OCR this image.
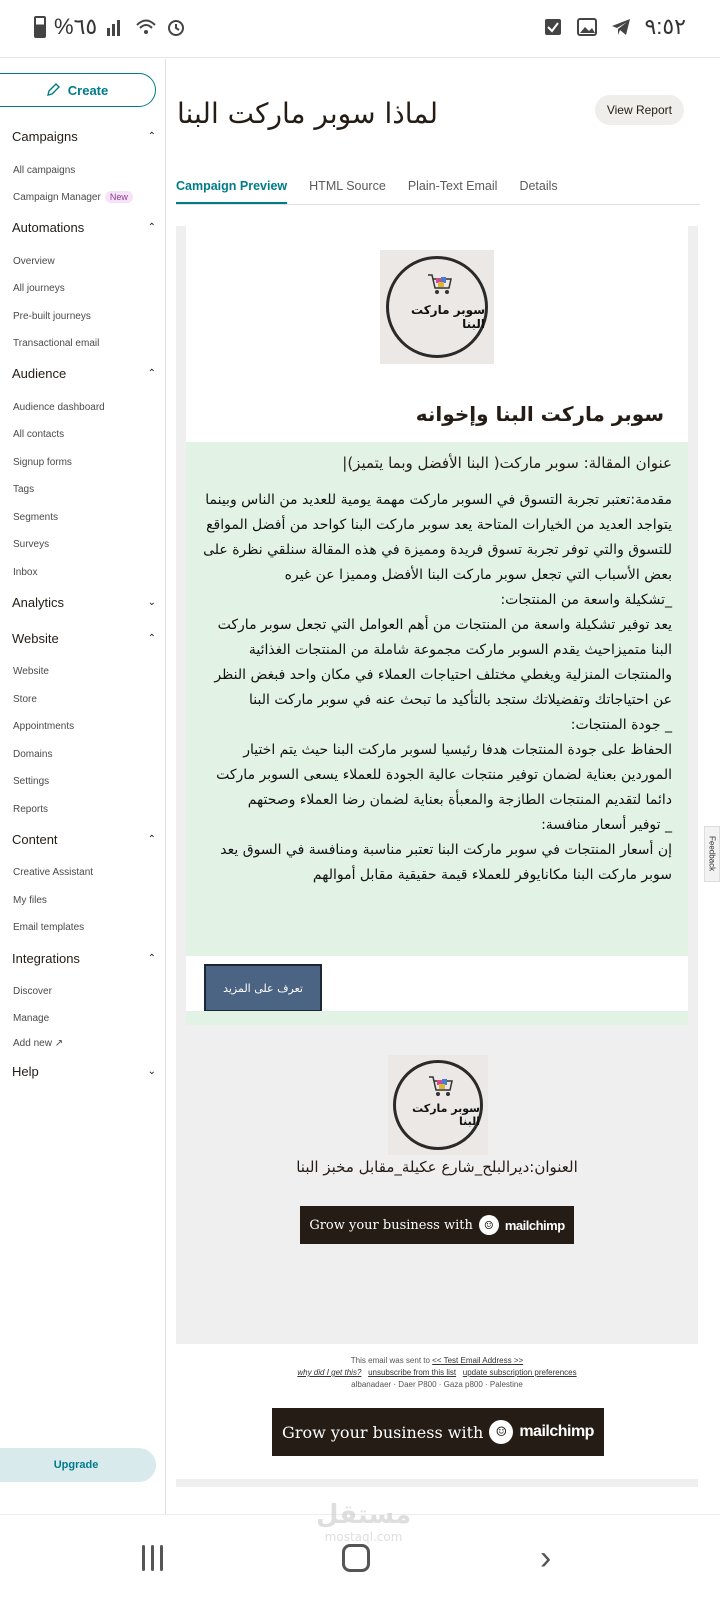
%٦٥	٩:٥٢
Create
Campaigns	⌃
All campaigns
Campaign Manager New
Automations	⌃
Overview
All journeys
Pre-built journeys
Transactional email
Audience	⌃
Audience dashboard
All contacts
Signup forms
Tags
Segments
Surveys
Inbox
Analytics	⌄
Website	⌃
Website
Store
Appointments
Domains
Settings
Reports
Content	⌃
Creative Assistant
My files
Email templates
Integrations	⌃
Discover
Manage
Add new ↗
Help	⌄
Upgrade
لماذا سوبر ماركت البنا	View Report
Campaign Preview HTML Source Plain-Text Email Details
سوبر ماركت البنا
سوبر ماركت البنا وإخوانه
عنوان المقالة: سوبر ماركت( البنا الأفضل وبما يتميز)|

مقدمة:تعتبر تجربة التسوق في السوبر ماركت مهمة يومية للعديد من الناس وبينما يتواجد العديد من الخيارات المتاحة يعد سوبر ماركت البنا كواحد من أفضل المواقع للتسوق والتي توفر تجربة تسوق فريدة ومميزة في هذه المقالة سنلقي نظرة على بعض الأسباب التي تجعل سوبر ماركت البنا الأفضل ومميزا عن غيره

_تشكيلة واسعة من المنتجات:

يعد توفير تشكيلة واسعة من المنتجات من أهم العوامل التي تجعل سوبر ماركت البنا متميزاحيث يقدم السوبر ماركت مجموعة شاملة من المنتجات الغذائية والمنتجات المنزلية ويغطي مختلف احتياجات العملاء في مكان واحد فبغض النظر عن احتياجاتك وتفضيلاتك ستجد بالتأكيد ما تبحث عنه في سوبر ماركت البنا

_ جودة المنتجات:

الحفاظ على جودة المنتجات هدفا رئيسيا لسوبر ماركت البنا حيث يتم اختيار الموردين بعناية لضمان توفير منتجات عالية الجودة للعملاء يسعى السوبر ماركت دائما لتقديم المنتجات الطازجة والمعبأة بعناية لضمان رضا العملاء وصحتهم

_ توفير أسعار منافسة:

إن أسعار المنتجات في سوبر ماركت البنا تعتبر مناسبة ومنافسة في السوق يعد سوبر ماركت البنا مكانايوفر للعملاء قيمة حقيقية مقابل أموالهم

تعرف على المزيد
سوبر ماركت البنا
العنوان:ديرالبلح_شارع عكيلة_مقابل مخبز البنا
Grow your business with	☺ mailchimp
This email was sent to << Test Email Address >>
why did I get this? unsubscribe from this list update subscription preferences
albanadaer · Daer P800 · Gaza p800 · Palestine
Grow your business with ☺ mailchimp
Feedback
›
مستقل
mostaql.com
